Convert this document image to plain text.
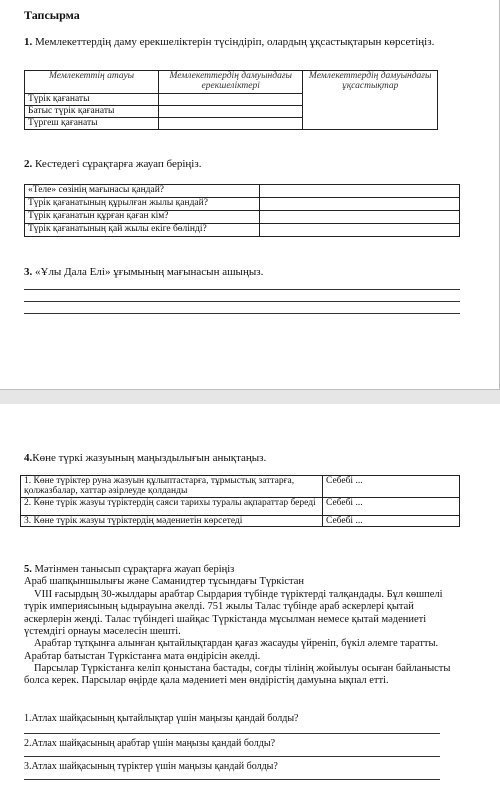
Тапсырма
1. Мемлекеттердің даму ерекшеліктерін түсіндіріп, олардың ұқсастықтарын көрсетіңіз.
Мемлекеттің атауы	Мемлекеттердің дамуындағы ерекшеліктері	Мемлекеттердің дамуындағы ұқсастықтар
Түрік қағанаты		
Батыс түрік қағанаты		
Түргеш қағанаты		
2. Кестедегі сұрақтарға жауап беріңіз.
«Теле» сөзінің мағынасы қандай?	
Түрік қағанатының құрылған жылы қандай?	
Түрік қағанатын құрған қаған кім?	
Түрік қағанатының қай жылы екіге бөлінді?	
3. «Ұлы Дала Елі» ұғымының мағынасын ашыңыз.
4.Көне түркі жазуының маңыздылығын анықтаңыз.
1. Көне түріктер руна жазуын құлыптастарға, тұрмыстық заттарға, қолжазбалар, хаттар әзірлеуде қолданды	Себебі ...
2. Көне түрік жазуы түріктердің саяси тарихы туралы ақпараттар береді	Себебі ...
3. Көне түрік жазуы түріктердің мәдениетін көрсетеді	Себебі ...

5. Мәтінмен танысып сұрақтарға жауап беріңіз

Араб шапқыншылығы және Саманидтер тұсындағы Түркістан

VIII ғасырдың 30-жылдары арабтар Сырдария түбінде түріктерді талқандады. Бұл көшпелі түрік империясының ыдырауына әкелді. 751 жылы Талас түбінде араб әскерлері қытай әскерлерін жеңді. Талас түбіндегі шайқас Түркістанда мұсылман немесе қытай мәдениеті үстемдігі орнауы мәселесін шешті.

Арабтар тұтқынға алынған қытайлықтардан қағаз жасауды үйреніп, бүкіл әлемге таратты. Арабтар батыстан Түркістанға мата өндірісін әкелді.

Парсылар Түркістанға келіп қоныстана бастады, соғды тілінің жойылуы осыған байланысты болса керек. Парсылар өңірде қала мәдениеті мен өндірістің дамуына ықпал етті.

1.Атлах шайқасының қытайлықтар үшін маңызы қандай болды?
2.Атлах шайқасының арабтар үшін маңызы қандай болды?
3.Атлах шайқасының түріктер үшін маңызы қандай болды?
